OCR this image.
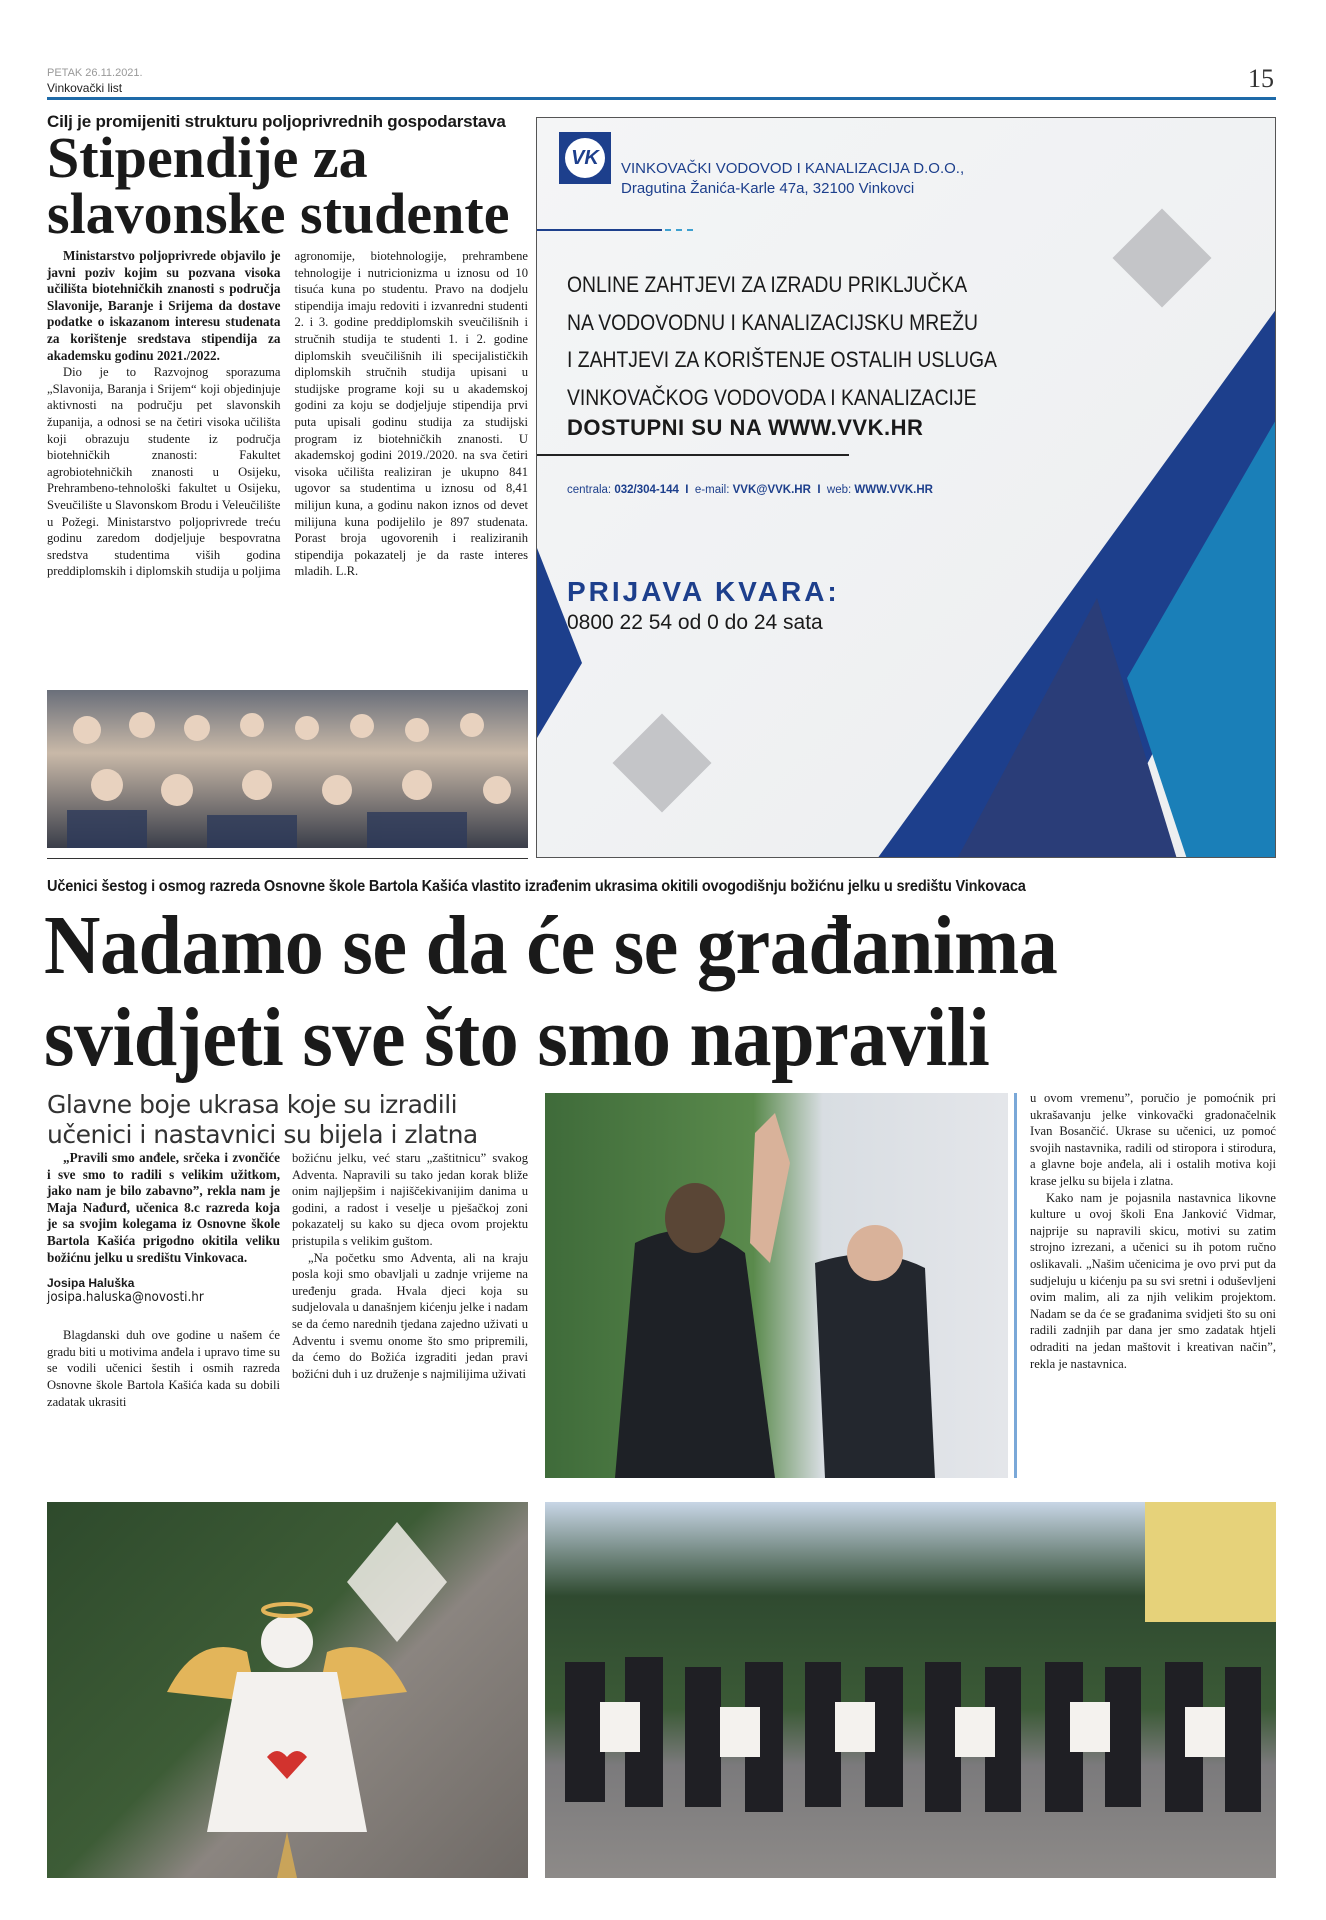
PETAK 26.11.2021.
Vinkovački list	15
Cilj je promijeniti strukturu poljoprivrednih gospodarstava
Stipendije za
slavonske studente

Ministarstvo poljoprivrede objavilo je javni poziv kojim su pozvana visoka učilišta biotehničkih znanosti s područja Slavonije, Baranje i Srijema da dostave podatke o iskazanom interesu studenata za korištenje sredstava stipendija za akademsku godinu 2021./2022.

Dio je to Razvojnog sporazuma „Slavonija, Baranja i Srijem“ koji objedinjuje aktivnosti na području pet slavonskih županija, a odnosi se na četiri visoka učilišta koji obrazuju studente iz područja biotehničkih znanosti: Fakultet agrobiotehničkih znanosti u Osijeku, Prehrambeno-tehnološki fakultet u Osijeku, Sveučilište u Slavonskom Brodu i Veleučilište u Požegi. Ministarstvo poljoprivrede treću godinu zaredom dodjeljuje bespovratna sredstva studentima viših godina preddiplomskih i diplomskih studija u poljima agronomije, biotehnologije, prehrambene tehnologije i nutricionizma u iznosu od 10 tisuća kuna po studentu. Pravo na dodjelu stipendija imaju redoviti i izvanredni studenti 2. i 3. godine preddiplomskih sveučilišnih i stručnih studija te studenti 1. i 2. godine diplomskih sveučilišnih ili specijalističkih diplomskih stručnih studija upisani u studijske programe koji su u akademskoj godini za koju se dodjeljuje stipendija prvi puta upisali godinu studija za studijski program iz biotehničkih znanosti. U akademskoj godini 2019./2020. na sva četiri visoka učilišta realiziran je ukupno 841 ugovor sa studentima u iznosu od 8,41 milijun kuna, a godinu nakon iznos od devet milijuna kuna podijelilo je 897 studenata. Porast broja ugovorenih i realiziranih stipendija pokazatelj je da raste interes mladih. L.R.

VK	VINKOVAČKI VODOVOD I KANALIZACIJA D.O.O.,
Dragutina Žanića-Karle 47a, 32100 Vinkovci
ONLINE ZAHTJEVI ZA IZRADU PRIKLJUČKA
NA VODOVODNU I KANALIZACIJSKU MREŽU
I ZAHTJEVI ZA KORIŠTENJE OSTALIH USLUGA
VINKOVAČKOG VODOVODA I KANALIZACIJE
DOSTUPNI SU NA WWW.VVK.HR
centrala: 032/304-144 I e-mail: VVK@VVK.HR I web: WWW.VVK.HR
PRIJAVA KVARA:
0800 22 54 od 0 do 24 sata
Učenici šestog i osmog razreda Osnovne škole Bartola Kašića vlastito izrađenim ukrasima okitili ovogodišnju božićnu jelku u središtu Vinkovaca
Nadamo se da će se građanima
svidjeti sve što smo napravili
Glavne boje ukrasa koje su izradili
učenici i nastavnici su bijela i zlatna

„Pravili smo anđele, srčeka i zvončiće i sve smo to radili s velikim užitkom, jako nam je bilo zabavno”, rekla nam je Maja Nađurđ, učenica 8.c razreda koja je sa svojim kolegama iz Osnovne škole Bartola Kašića prigodno okitila veliku božićnu jelku u središtu Vinkovaca.

Josipa Haluška
josipa.haluska@novosti.hr

Blagdanski duh ove godine u našem će gradu biti u motivima anđela i upravo time su se vodili učenici šestih i osmih razreda Osnovne škole Bartola Kašića kada su dobili zadatak ukrasiti

božićnu jelku, već staru „zaštitnicu” svakog Adventa. Napravili su tako jedan korak bliže onim najljepšim i najiščekivanijim danima u godini, a radost i veselje u pješačkoj zoni pokazatelj su kako su djeca ovom projektu pristupila s velikim guštom.

„Na početku smo Adventa, ali na kraju posla koji smo obavljali u zadnje vrijeme na uređenju grada. Hvala djeci koja su sudjelovala u današnjem kićenju jelke i nadam se da ćemo narednih tjedana zajedno uživati u Adventu i svemu onome što smo pripremili, da ćemo do Božića izgraditi jedan pravi božićni duh i uz druženje s najmilijima uživati

u ovom vremenu”, poručio je pomoćnik pri ukrašavanju jelke vinkovački gradonačelnik Ivan Bosančić. Ukrase su učenici, uz pomoć svojih nastavnika, radili od stiropora i stirodura, a glavne boje anđela, ali i ostalih motiva koji krase jelku su bijela i zlatna.

Kako nam je pojasnila nastavnica likovne kulture u ovoj školi Ena Janković Vidmar, najprije su napravili skicu, motivi su zatim strojno izrezani, a učenici su ih potom ručno oslikavali. „Našim učenicima je ovo prvi put da sudjeluju u kićenju pa su svi sretni i oduševljeni ovim malim, ali za njih velikim projektom. Nadam se da će se građanima svidjeti što su oni radili zadnjih par dana jer smo zadatak htjeli odraditi na jedan maštovit i kreativan način”, rekla je nastavnica.
